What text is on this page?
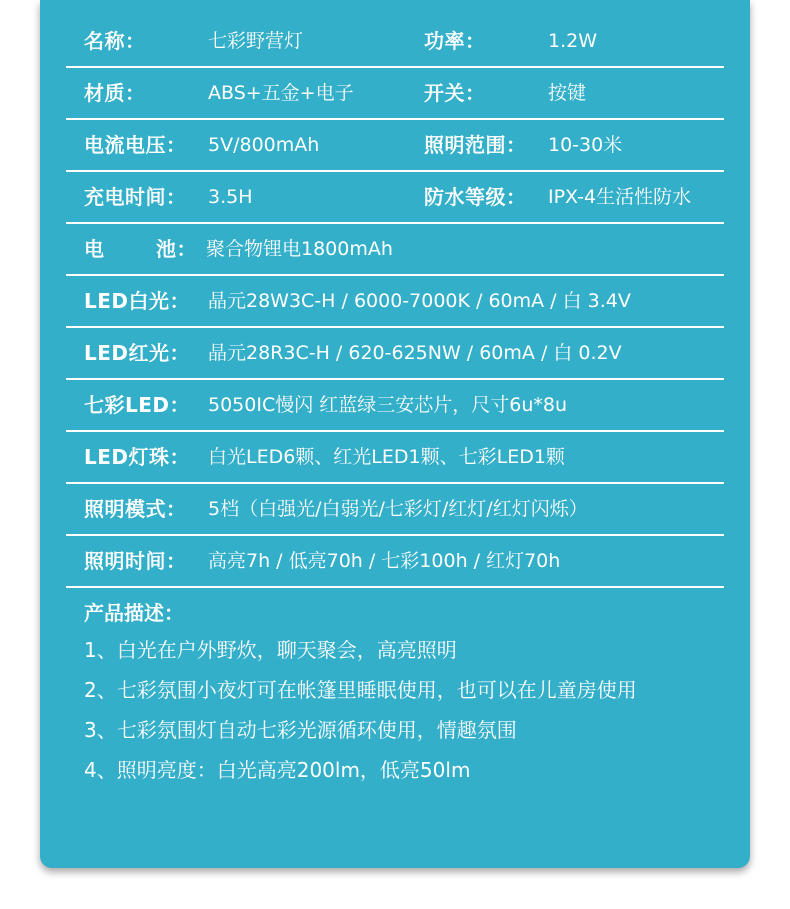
名称：	七彩野营灯	功率：	1.2W
材质：	ABS+五金+电子	开关：	按键
电流电压： 5V/800mAh	照明范围： 10-30米
充电时间： 3.5H	防水等级： IPX-4生活性防水
电	池： 聚合物锂电1800mAh
LED白光： 晶元28W3C-H / 6000-7000K / 60mA / 白 3.4V
LED红光： 晶元28R3C-H / 620-625NW / 60mA / 白 0.2V
七彩LED： 5050IC慢闪 红蓝绿三安芯片，尺寸6u*8u
LED灯珠： 白光LED6颗、红光LED1颗、七彩LED1颗
照明模式： 5档（白强光/白弱光/七彩灯/红灯/红灯闪烁）
照明时间： 高亮7h / 低亮70h / 七彩100h / 红灯70h
产品描述：
1、白光在户外野炊，聊天聚会，高亮照明
2、七彩氛围小夜灯可在帐篷里睡眠使用，也可以在儿童房使用
3、七彩氛围灯自动七彩光源循环使用，情趣氛围
4、照明亮度：白光高亮200lm，低亮50lm
